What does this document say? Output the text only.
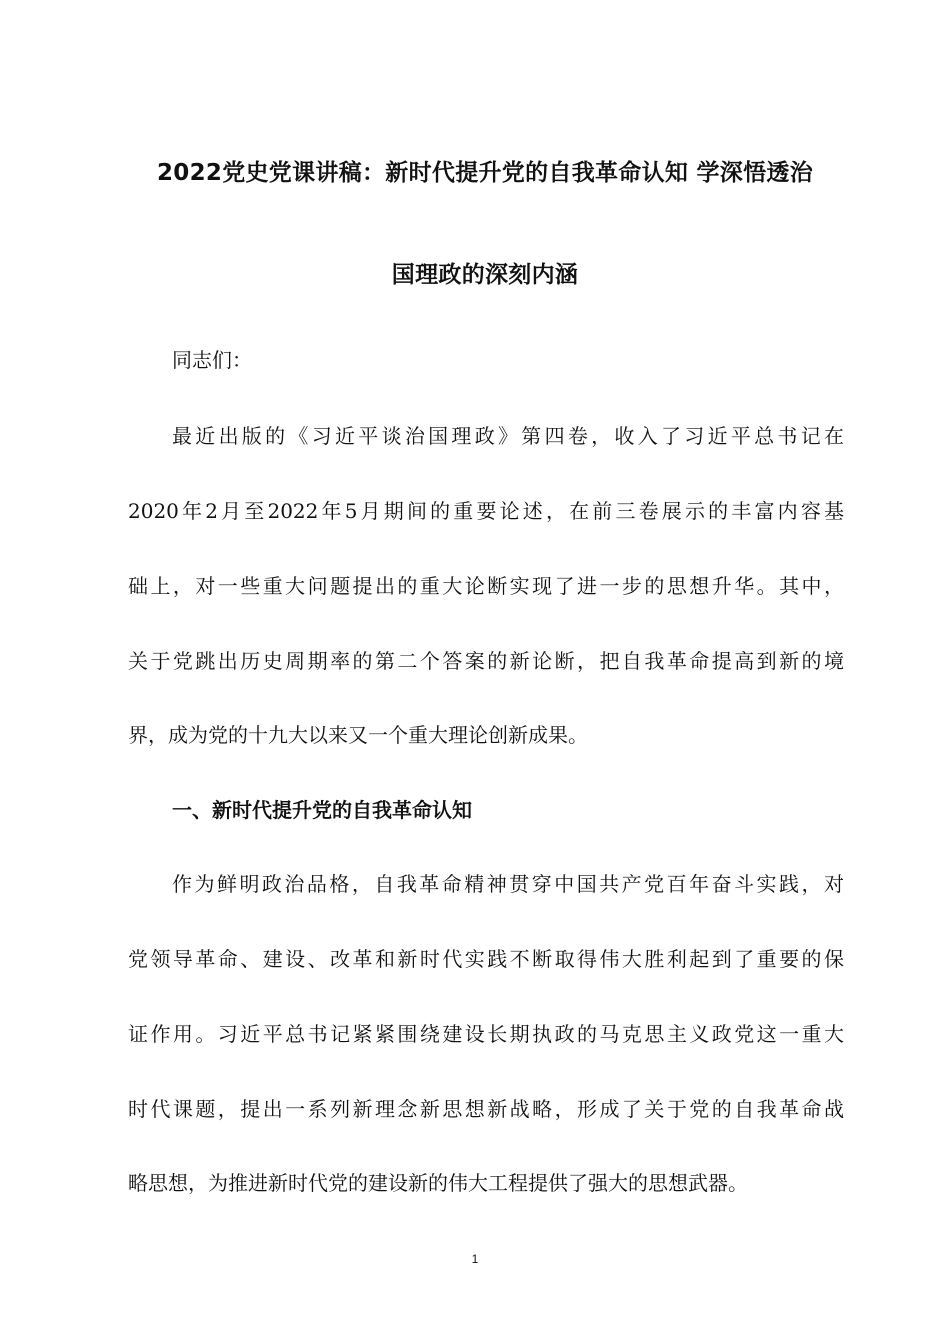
2022党史党课讲稿：新时代提升党的自我革命认知 学深悟透治
国理政的深刻内涵
同志们：
最近出版的《习近平谈治国理政》第四卷，收入了习近平总书记在
2020年2月至2022年5月期间的重要论述，在前三卷展示的丰富内容基
础上，对一些重大问题提出的重大论断实现了进一步的思想升华。其中，
关于党跳出历史周期率的第二个答案的新论断，把自我革命提高到新的境
界，成为党的十九大以来又一个重大理论创新成果。
一、新时代提升党的自我革命认知
作为鲜明政治品格，自我革命精神贯穿中国共产党百年奋斗实践，对
党领导革命、建设、改革和新时代实践不断取得伟大胜利起到了重要的保
证作用。习近平总书记紧紧围绕建设长期执政的马克思主义政党这一重大
时代课题，提出一系列新理念新思想新战略，形成了关于党的自我革命战
略思想，为推进新时代党的建设新的伟大工程提供了强大的思想武器。
1
